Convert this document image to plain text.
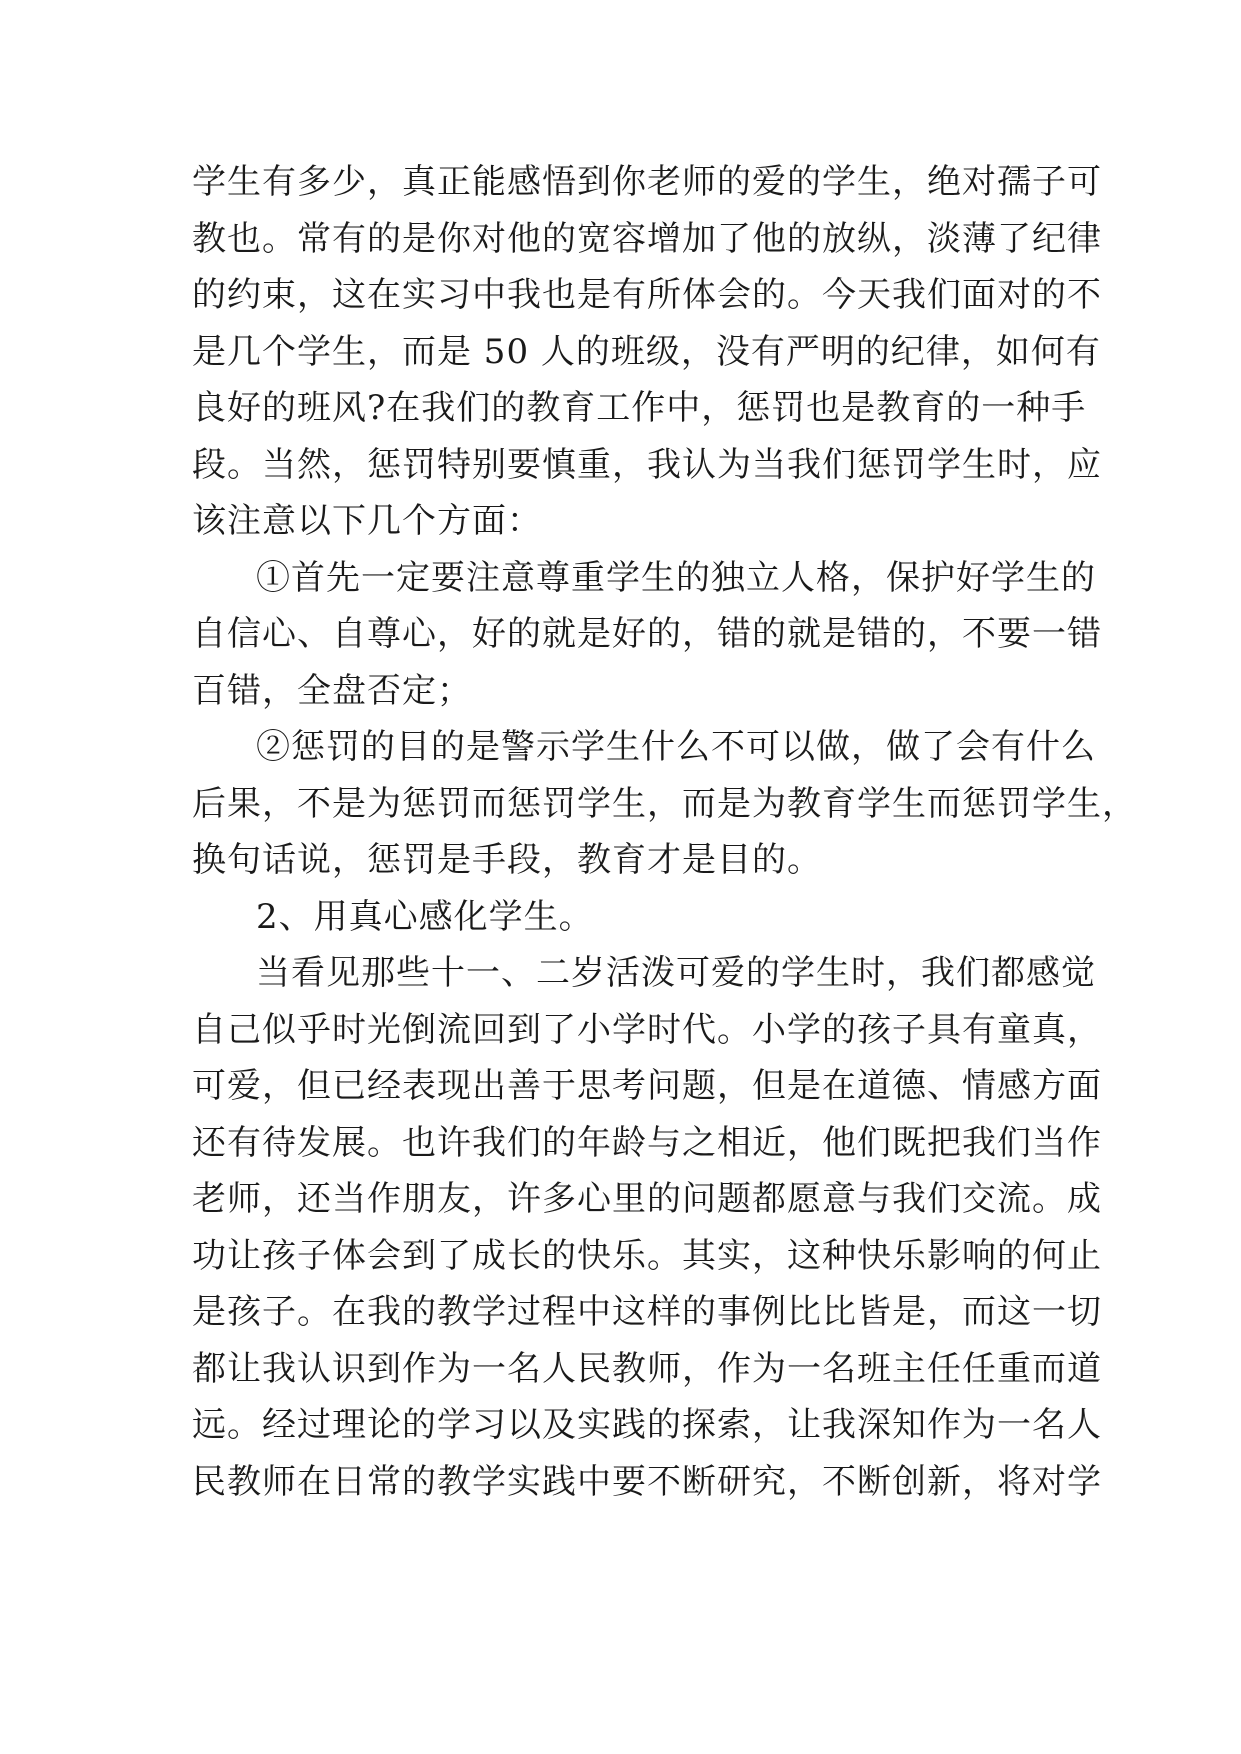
学生有多少，真正能感悟到你老师的爱的学生，绝对孺子可
教也。常有的是你对他的宽容增加了他的放纵，淡薄了纪律
的约束，这在实习中我也是有所体会的。今天我们面对的不
是几个学生，而是 50 人的班级，没有严明的纪律，如何有
良好的班风?在我们的教育工作中，惩罚也是教育的一种手
段。当然，惩罚特别要慎重，我认为当我们惩罚学生时，应
该注意以下几个方面：
①首先一定要注意尊重学生的独立人格，保护好学生的
自信心、自尊心，好的就是好的，错的就是错的，不要一错
百错，全盘否定；
②惩罚的目的是警示学生什么不可以做，做了会有什么
后果，不是为惩罚而惩罚学生，而是为教育学生而惩罚学生，
换句话说，惩罚是手段，教育才是目的。
2、用真心感化学生。
当看见那些十一、二岁活泼可爱的学生时，我们都感觉
自己似乎时光倒流回到了小学时代。小学的孩子具有童真，
可爱，但已经表现出善于思考问题，但是在道德、情感方面
还有待发展。也许我们的年龄与之相近，他们既把我们当作
老师，还当作朋友，许多心里的问题都愿意与我们交流。成
功让孩子体会到了成长的快乐。其实，这种快乐影响的何止
是孩子。在我的教学过程中这样的事例比比皆是，而这一切
都让我认识到作为一名人民教师，作为一名班主任任重而道
远。经过理论的学习以及实践的探索，让我深知作为一名人
民教师在日常的教学实践中要不断研究，不断创新，将对学
